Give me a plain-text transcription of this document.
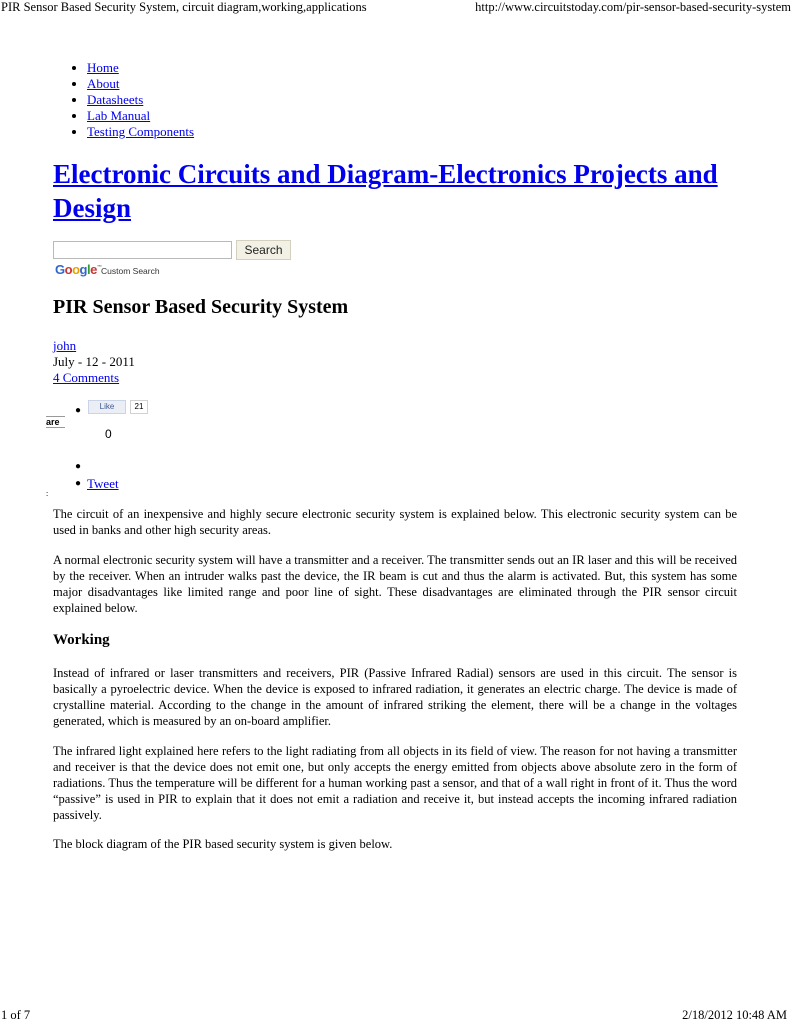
PIR Sensor Based Security System, circuit diagram,working,applications	http://www.circuitstoday.com/pir-sensor-based-security-system
• Home
• About
• Datasheets
• Lab Manual
• Testing Components
Electronic Circuits and Diagram-Electronics Projects and Design
Search
Google™ Custom Search
PIR Sensor Based Security System
john
July - 12 - 2011
4 Comments
are
●	Like	21
0
●
● Tweet
:

The circuit of an inexpensive and highly secure electronic security system is explained below. This electronic security system can be used in banks and other high security areas.

A normal electronic security system will have a transmitter and a receiver. The transmitter sends out an IR laser and this will be received by the receiver. When an intruder walks past the device, the IR beam is cut and thus the alarm is activated. But, this system has some major disadvantages like limited range and poor line of sight. These disadvantages are eliminated through the PIR sensor circuit explained below.

Working

Instead of infrared or laser transmitters and receivers, PIR (Passive Infrared Radial) sensors are used in this circuit. The sensor is basically a pyroelectric device. When the device is exposed to infrared radiation, it generates an electric charge. The device is made of crystalline material. According to the change in the amount of infrared striking the element, there will be a change in the voltages generated, which is measured by an on-board amplifier.

The infrared light explained here refers to the light radiating from all objects in its field of view. The reason for not having a transmitter and receiver is that the device does not emit one, but only accepts the energy emitted from objects above absolute zero in the form of radiations. Thus the temperature will be different for a human working past a sensor, and that of a wall right in front of it. Thus the word “passive” is used in PIR to explain that it does not emit a radiation and receive it, but instead accepts the incoming infrared radiation passively.

The block diagram of the PIR based security system is given below.

1 of 7	2/18/2012 10:48 AM
